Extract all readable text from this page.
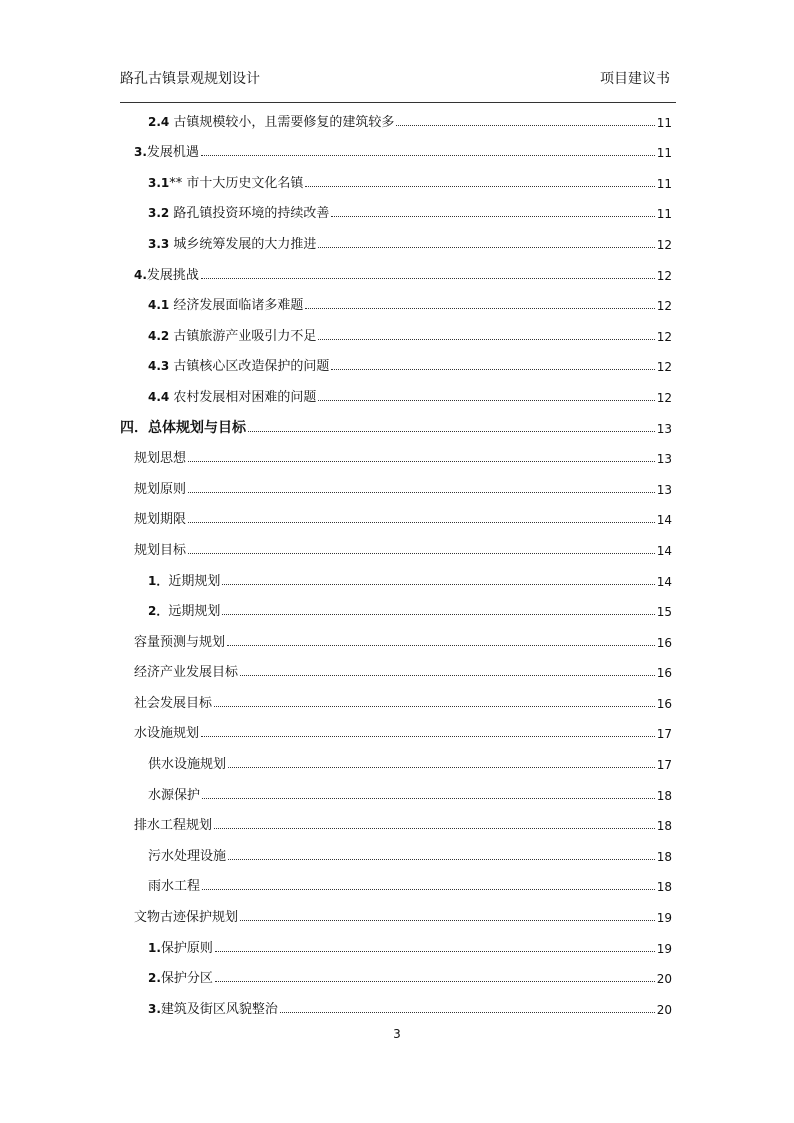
路孔古镇景观规划设计	项目建议书
2.4 古镇规模较小，且需要修复的建筑较多	11
3.发展机遇	11
3.1** 市十大历史文化名镇	11
3.2 路孔镇投资环境的持续改善	11
3.3 城乡统筹发展的大力推进	12
4.发展挑战	12
4.1 经济发展面临诸多难题	12
4.2 古镇旅游产业吸引力不足	12
4.3 古镇核心区改造保护的问题	12
4.4 农村发展相对困难的问题	12
四．总体规划与目标	13
规划思想	13
规划原则	13
规划期限	14
规划目标	14
1．近期规划	14
2．远期规划	15
容量预测与规划	16
经济产业发展目标	16
社会发展目标	16
水设施规划	17
供水设施规划	17
水源保护	18
排水工程规划	18
污水处理设施	18
雨水工程	18
文物古迹保护规划	19
1.保护原则	19
2.保护分区	20
3.建筑及街区风貌整治	20
3
